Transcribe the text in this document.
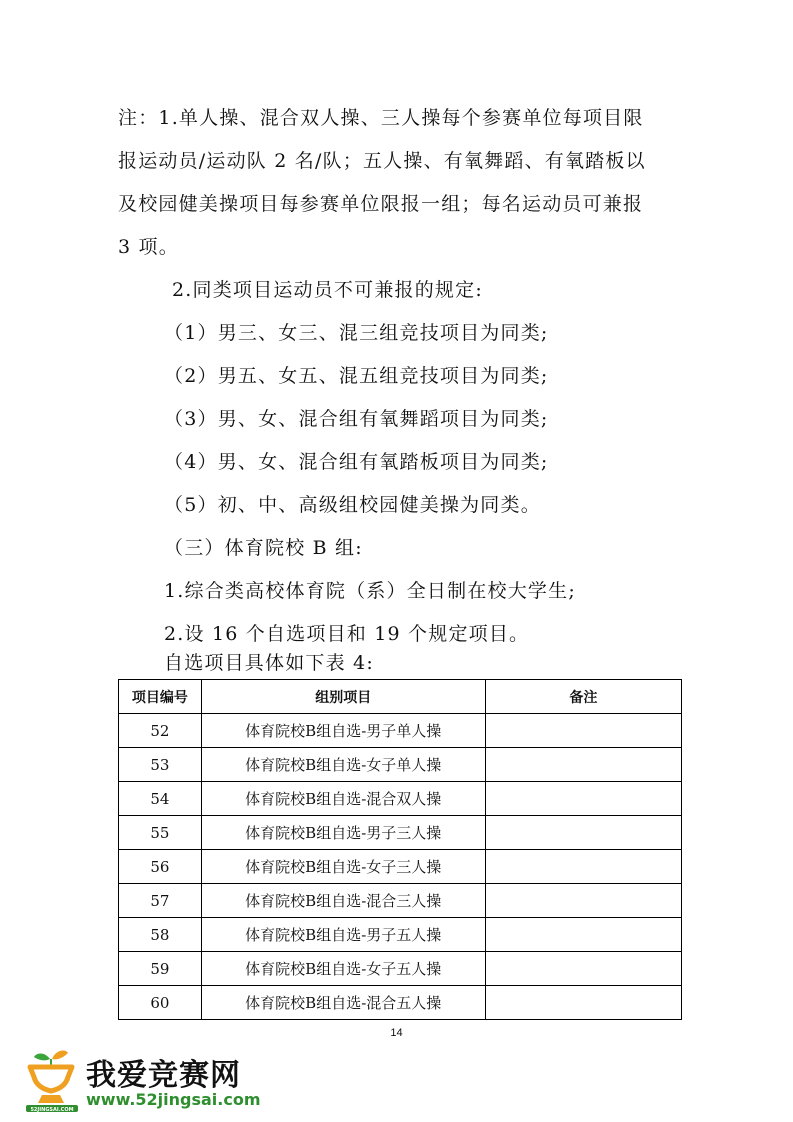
注：1.单人操、混合双人操、三人操每个参赛单位每项目限
报运动员/运动队 2 名/队；五人操、有氧舞蹈、有氧踏板以
及校园健美操项目每参赛单位限报一组；每名运动员可兼报
3 项。
2.同类项目运动员不可兼报的规定:
（1）男三、女三、混三组竞技项目为同类;
（2）男五、女五、混五组竞技项目为同类;
（3）男、女、混合组有氧舞蹈项目为同类;
（4）男、女、混合组有氧踏板项目为同类;
（5）初、中、高级组校园健美操为同类。
（三）体育院校 B 组:
1.综合类高校体育院（系）全日制在校大学生;
2.设 16 个自选项目和 19 个规定项目。
自选项目具体如下表 4:
项目编号	组别项目	备注
52	体育院校B组自选-男子单人操	
53	体育院校B组自选-女子单人操	
54	体育院校B组自选-混合双人操	
55	体育院校B组自选-男子三人操	
56	体育院校B组自选-女子三人操	
57	体育院校B组自选-混合三人操	
58	体育院校B组自选-男子五人操	
59	体育院校B组自选-女子五人操	
60	体育院校B组自选-混合五人操	
14
52JINGSAI.COM
我爱竞赛网
www.52jingsai.com
